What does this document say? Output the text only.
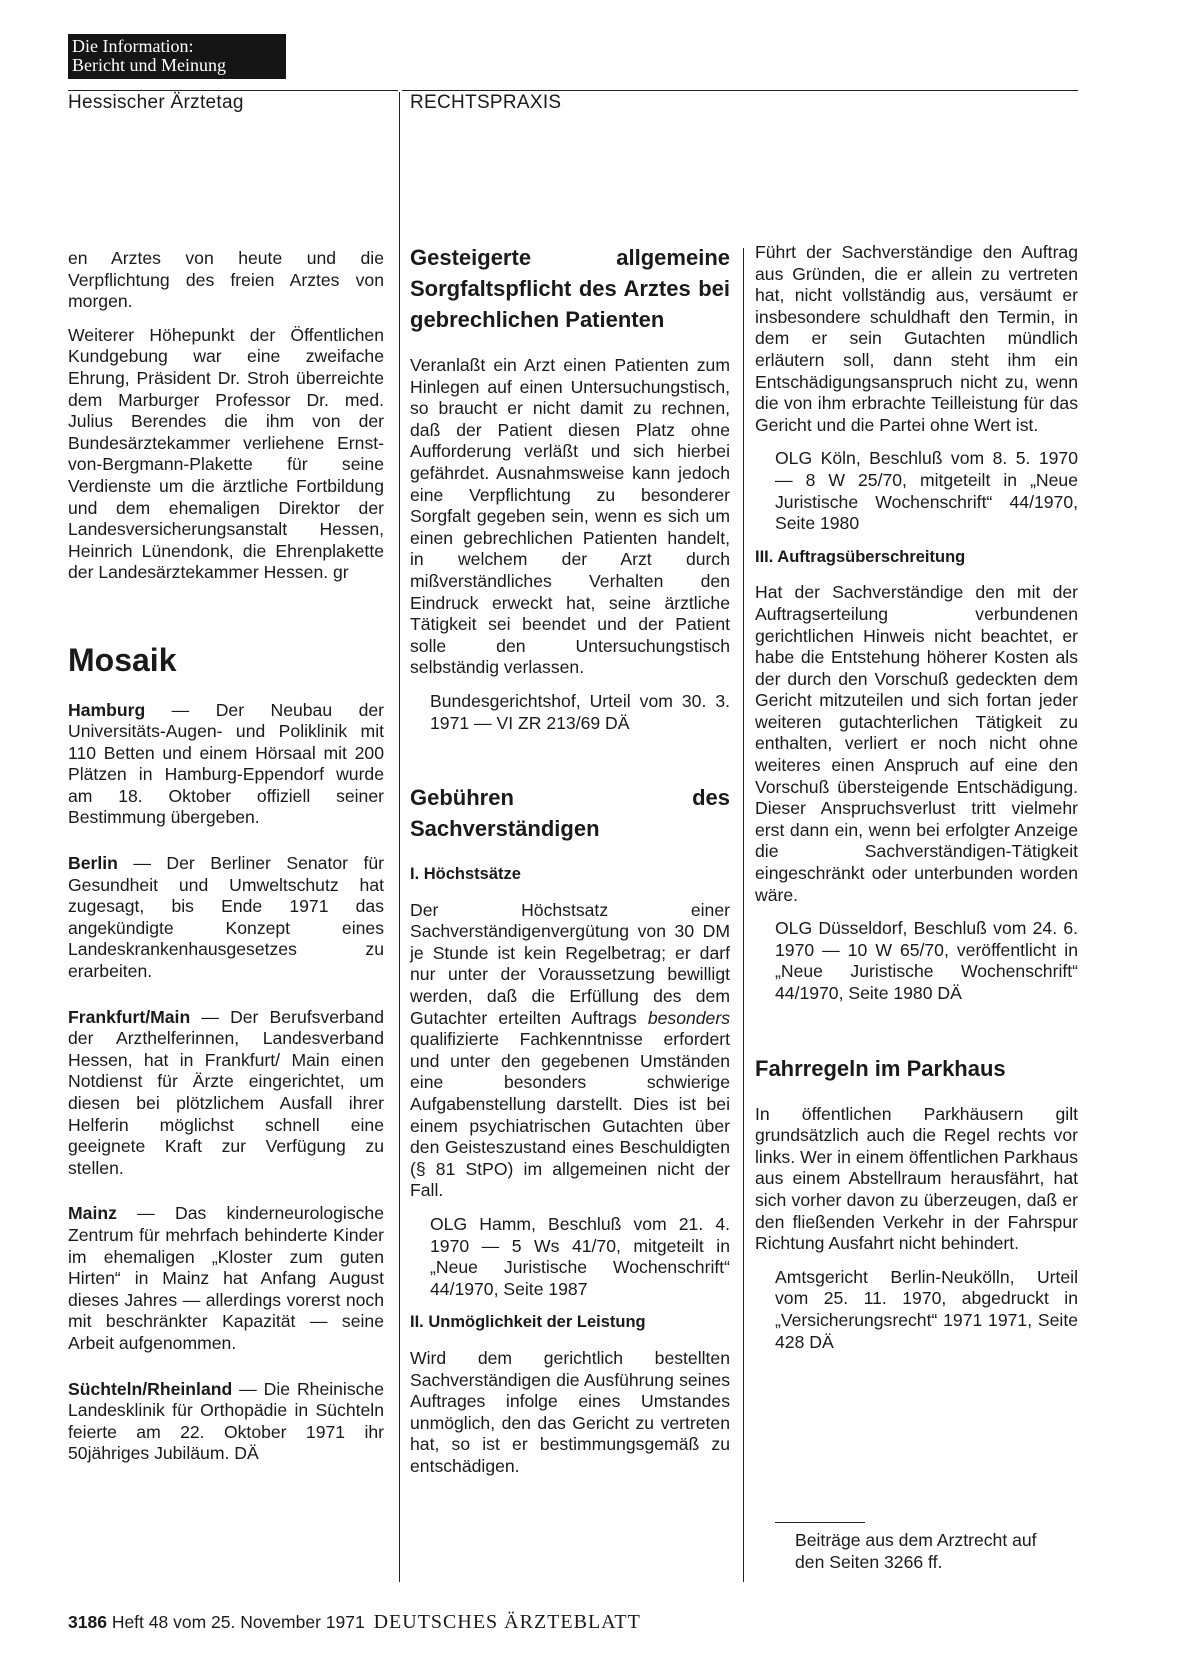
Die Information:
Bericht und Meinung
Hessischer Ärztetag	RECHTSPRAXIS

en Arztes von heute und die Verpflichtung des freien Arztes von morgen.

Weiterer Höhepunkt der Öffentlichen Kundgebung war eine zweifache Ehrung, Präsident Dr. Stroh überreichte dem Marburger Professor Dr. med. Julius Berendes die ihm von der Bundesärztekammer verliehene Ernst-von-Bergmann-Plakette für seine Verdienste um die ärztliche Fortbildung und dem ehemaligen Direktor der Landesversicherungsanstalt Hessen, Heinrich Lünendonk, die Ehrenplakette der Landesärztekammer Hessen. gr

Mosaik

Hamburg — Der Neubau der Universitäts-Augen- und Poliklinik mit 110 Betten und einem Hörsaal mit 200 Plätzen in Hamburg-Eppendorf wurde am 18. Oktober offiziell seiner Bestimmung übergeben.

Berlin — Der Berliner Senator für Gesundheit und Umweltschutz hat zugesagt, bis Ende 1971 das angekündigte Konzept eines Landeskrankenhausgesetzes zu erarbeiten.

Frankfurt/Main — Der Berufsverband der Arzthelferinnen, Landesverband Hessen, hat in Frankfurt/ Main einen Notdienst für Ärzte eingerichtet, um diesen bei plötzlichem Ausfall ihrer Helferin möglichst schnell eine geeignete Kraft zur Verfügung zu stellen.

Mainz — Das kinderneurologische Zentrum für mehrfach behinderte Kinder im ehemaligen „Kloster zum guten Hirten“ in Mainz hat Anfang August dieses Jahres — allerdings vorerst noch mit beschränkter Kapazität — seine Arbeit aufgenommen.

Süchteln/Rheinland — Die Rheinische Landesklinik für Orthopädie in Süchteln feierte am 22. Oktober 1971 ihr 50jähriges Jubiläum. DÄ

Gesteigerte allgemeine Sorgfaltspflicht des Arztes bei gebrechlichen Patienten

Veranlaßt ein Arzt einen Patienten zum Hinlegen auf einen Untersuchungstisch, so braucht er nicht damit zu rechnen, daß der Patient diesen Platz ohne Aufforderung verläßt und sich hierbei gefährdet. Ausnahmsweise kann jedoch eine Verpflichtung zu besonderer Sorgfalt gegeben sein, wenn es sich um einen gebrechlichen Patienten handelt, in welchem der Arzt durch mißverständliches Verhalten den Eindruck erweckt hat, seine ärztliche Tätigkeit sei beendet und der Patient solle den Untersuchungstisch selbständig verlassen.

Bundesgerichtshof, Urteil vom 30. 3. 1971 — VI ZR 213/69 DÄ

Gebühren des Sachverständigen
I. Höchstsätze

Der Höchstsatz einer Sachverständigenvergütung von 30 DM je Stunde ist kein Regelbetrag; er darf nur unter der Voraussetzung bewilligt werden, daß die Erfüllung des dem Gutachter erteilten Auftrags besonders qualifizierte Fachkenntnisse erfordert und unter den gegebenen Umständen eine besonders schwierige Aufgabenstellung darstellt. Dies ist bei einem psychiatrischen Gutachten über den Geisteszustand eines Beschuldigten (§ 81 StPO) im allgemeinen nicht der Fall.

OLG Hamm, Beschluß vom 21. 4. 1970 — 5 Ws 41/70, mitgeteilt in „Neue Juristische Wochenschrift“ 44/1970, Seite 1987

II. Unmöglichkeit der Leistung

Wird dem gerichtlich bestellten Sachverständigen die Ausführung seines Auftrages infolge eines Umstandes unmöglich, den das Gericht zu vertreten hat, so ist er bestimmungsgemäß zu entschädigen.

Führt der Sachverständige den Auftrag aus Gründen, die er allein zu vertreten hat, nicht vollständig aus, versäumt er insbesondere schuldhaft den Termin, in dem er sein Gutachten mündlich erläutern soll, dann steht ihm ein Entschädigungsanspruch nicht zu, wenn die von ihm erbrachte Teilleistung für das Gericht und die Partei ohne Wert ist.

OLG Köln, Beschluß vom 8. 5. 1970 — 8 W 25/70, mitgeteilt in „Neue Juristische Wochenschrift“ 44/1970, Seite 1980

III. Auftragsüberschreitung

Hat der Sachverständige den mit der Auftragserteilung verbundenen gerichtlichen Hinweis nicht beachtet, er habe die Entstehung höherer Kosten als der durch den Vorschuß gedeckten dem Gericht mitzuteilen und sich fortan jeder weiteren gutachterlichen Tätigkeit zu enthalten, verliert er noch nicht ohne weiteres einen Anspruch auf eine den Vorschuß übersteigende Entschädigung. Dieser Anspruchsverlust tritt vielmehr erst dann ein, wenn bei erfolgter Anzeige die Sachverständigen-Tätigkeit eingeschränkt oder unterbunden worden wäre.

OLG Düsseldorf, Beschluß vom 24. 6. 1970 — 10 W 65/70, veröffentlicht in „Neue Juristische Wochenschrift“ 44/1970, Seite 1980 DÄ

Fahrregeln im Parkhaus

In öffentlichen Parkhäusern gilt grundsätzlich auch die Regel rechts vor links. Wer in einem öffentlichen Parkhaus aus einem Abstellraum herausfährt, hat sich vorher davon zu überzeugen, daß er den fließenden Verkehr in der Fahrspur Richtung Ausfahrt nicht behindert.

Amtsgericht Berlin-Neukölln, Urteil vom 25. 11. 1970, abgedruckt in „Versicherungsrecht“ 1971 1971, Seite 428 DÄ

Beiträge aus dem Arztrecht auf den Seiten 3266 ff.
3186 Heft 48 vom 25. November 1971 DEUTSCHES ÄRZTEBLATT
